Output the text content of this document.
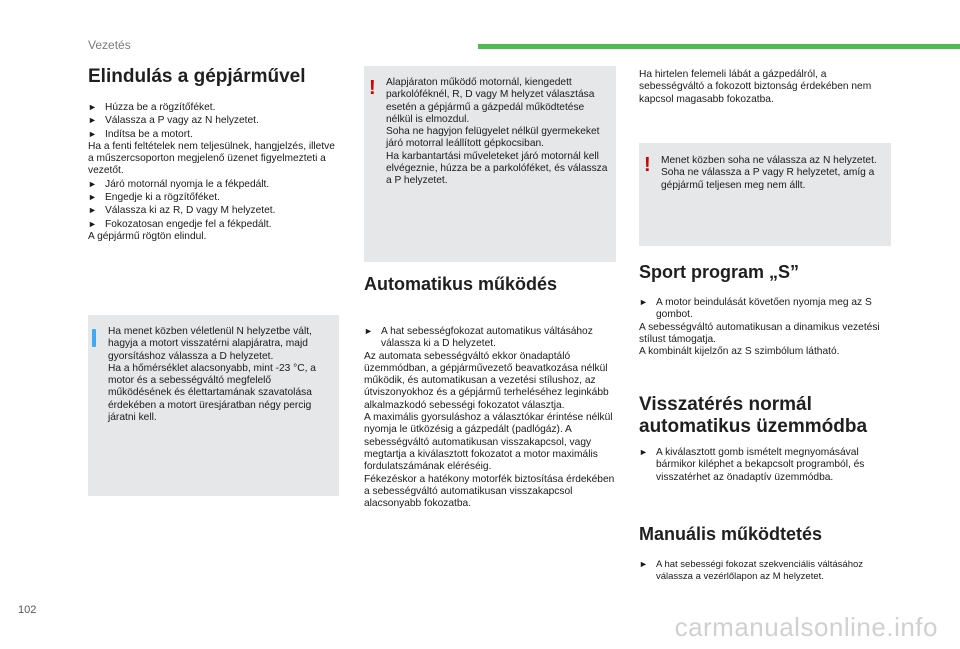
Vezetés
Elindulás a gépjárművel

► Húzza be a rögzítőféket.

► Válassza a P vagy az N helyzetet.

► Indítsa be a motort.

Ha a fenti feltételek nem teljesülnek, hangjelzés, illetve a műszercsoporton megjelenő üzenet figyelmezteti a vezetőt.

► Járó motornál nyomja le a fékpedált.

► Engedje ki a rögzítőféket.

► Válassza ki az R, D vagy M helyzetet.

► Fokozatosan engedje fel a fékpedált.

A gépjármű rögtön elindul.

Ha menet közben véletlenül N helyzetbe vált, hagyja a motort visszatérni alapjáratra, majd gyorsításhoz válassza a D helyzetet.

Ha a hőmérséklet alacsonyabb, mint -23 °C, a motor és a sebességváltó megfelelő működésének és élettartamának szavatolása érdekében a motort üresjáratban négy percig járatni kell.

! Alapjáraton működő motornál, kiengedett parkolóféknél, R, D vagy M helyzet választása esetén a gépjármű a gázpedál működtetése nélkül is elmozdul.

Soha ne hagyjon felügyelet nélkül gyermekeket járó motorral leállított gépkocsiban.

Ha karbantartási műveleteket járó motornál kell elvégeznie, húzza be a parkolóféket, és válassza a P helyzetet.

Automatikus működés

► A hat sebességfokozat automatikus váltásához válassza ki a D helyzetet.

Az automata sebességváltó ekkor önadaptáló üzemmódban, a gépjárművezető beavatkozása nélkül működik, és automatikusan a vezetési stílushoz, az útviszonyokhoz és a gépjármű terheléséhez leginkább alkalmazkodó sebességi fokozatot választja.

A maximális gyorsuláshoz a választókar érintése nélkül nyomja le ütközésig a gázpedált (padlógáz). A sebességváltó automatikusan visszakapcsol, vagy megtartja a kiválasztott fokozatot a motor maximális fordulatszámának eléréséig.

Fékezéskor a hatékony motorfék biztosítása érdekében a sebességváltó automatikusan visszakapcsol alacsonyabb fokozatba.

Ha hirtelen felemeli lábát a gázpedálról, a sebességváltó a fokozott biztonság érdekében nem kapcsol magasabb fokozatba.

! Menet közben soha ne válassza az N helyzetet.

Soha ne válassza a P vagy R helyzetet, amíg a gépjármű teljesen meg nem állt.

Sport program „S”

► A motor beindulását követően nyomja meg az S gombot.

A sebességváltó automatikusan a dinamikus vezetési stílust támogatja.

A kombinált kijelzőn az S szimbólum látható.

Visszatérés normál automatikus üzemmódba

► A kiválasztott gomb ismételt megnyomásával bármikor kiléphet a bekapcsolt programból, és visszatérhet az önadaptív üzemmódba.

Manuális működtetés

► A hat sebességi fokozat szekvenciális váltásához válassza a vezérlőlapon az M helyzetet.

102
carmanualsonline.info
